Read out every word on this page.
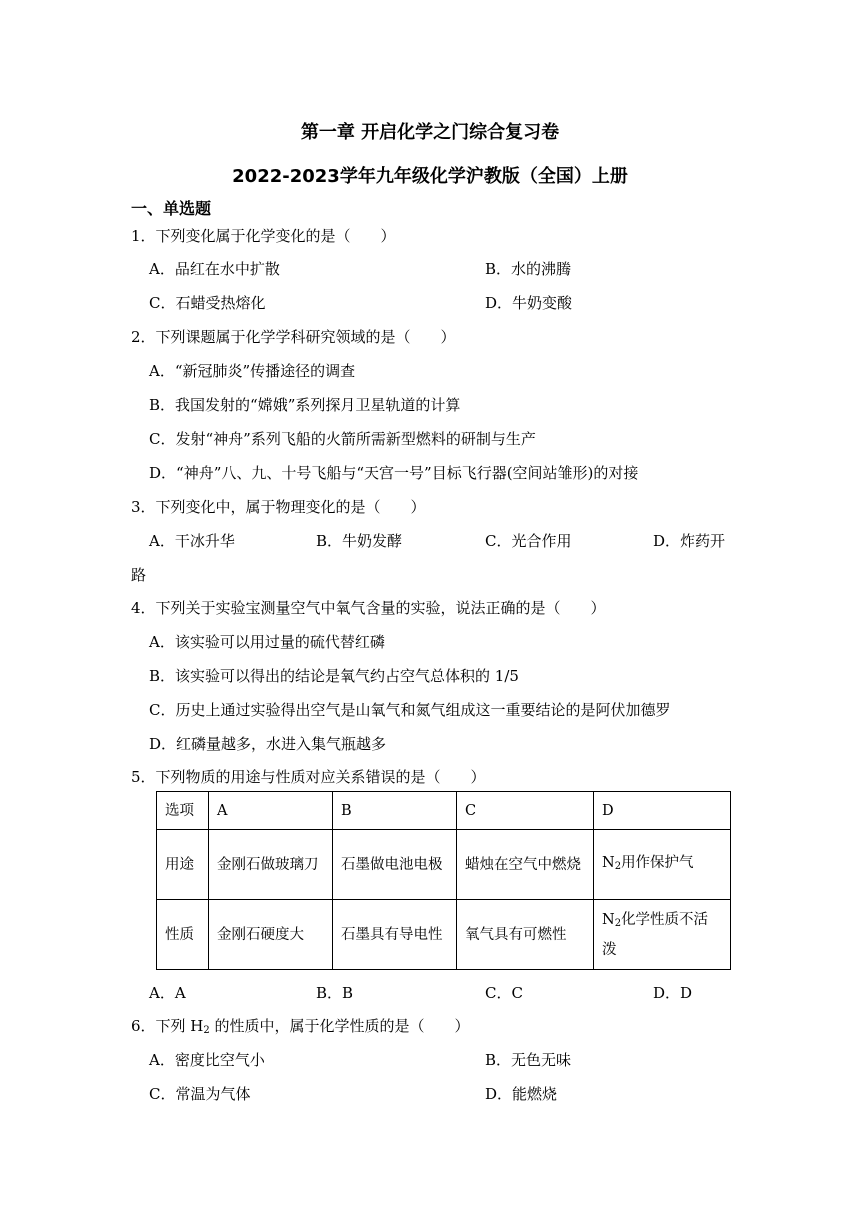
第一章 开启化学之门综合复习卷
2022-2023学年九年级化学沪教版（全国）上册
一、单选题
1．下列变化属于化学变化的是（　　）
A．品红在水中扩散	B．水的沸腾
C．石蜡受热熔化	D．牛奶变酸
2．下列课题属于化学学科研究领域的是（　　）
A．“新冠肺炎”传播途径的调查
B．我国发射的“嫦娥”系列探月卫星轨道的计算
C．发射“神舟”系列飞船的火箭所需新型燃料的研制与生产
D．“神舟”八、九、十号飞船与“天宫一号”目标飞行器(空间站雏形)的对接
3．下列变化中，属于物理变化的是（　　）
A．干冰升华	B．牛奶发酵	C．光合作用	D．炸药开
路
4．下列关于实验宝测量空气中氧气含量的实验，说法正确的是（　　）
A．该实验可以用过量的硫代替红磷
B．该实验可以得出的结论是氧气约占空气总体积的 1/5
C．历史上通过实验得出空气是山氧气和氮气组成这一重要结论的是阿伏加德罗
D．红磷量越多，水进入集气瓶越多
5．下列物质的用途与性质对应关系错误的是（　　）
选项	A	B	C	D
用途	金刚石做玻璃刀	石墨做电池电极	蜡烛在空气中燃烧	$N_2$用作保护气
性质	金刚石硬度大	石墨具有导电性	氧气具有可燃性	$N_2$化学性质不活泼
A．A	B．B	C．C	D．D
6．下列 $H_2$ 的性质中，属于化学性质的是（　　）
A．密度比空气小	B．无色无味
C．常温为气体	D．能燃烧
